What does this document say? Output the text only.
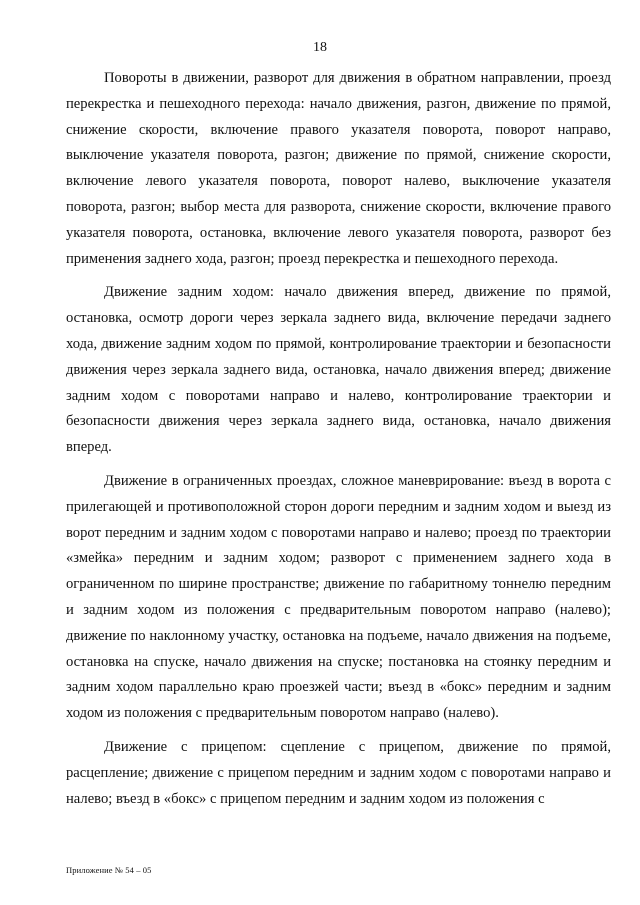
18

Повороты в движении, разворот для движения в обратном направлении, проезд перекрестка и пешеходного перехода: начало движения, разгон, движение по прямой, снижение скорости, включение правого указателя поворота, поворот направо, выключение указателя поворота, разгон; движение по прямой, снижение скорости, включение левого указателя поворота, поворот налево, выключение указателя поворота, разгон; выбор места для разворота, снижение скорости, включение правого указателя поворота, остановка, включение левого указателя поворота, разворот без применения заднего хода, разгон; проезд перекрестка и пешеходного перехода.

Движение задним ходом: начало движения вперед, движение по прямой, остановка, осмотр дороги через зеркала заднего вида, включение передачи заднего хода, движение задним ходом по прямой, контролирование траектории и безопасности движения через зеркала заднего вида, остановка, начало движения вперед; движение задним ходом с поворотами направо и налево, контролирование траектории и безопасности движения через зеркала заднего вида, остановка, начало движения вперед.

Движение в ограниченных проездах, сложное маневрирование: въезд в ворота с прилегающей и противоположной сторон дороги передним и задним ходом и выезд из ворот передним и задним ходом с поворотами направо и налево; проезд по траектории «змейка» передним и задним ходом; разворот с применением заднего хода в ограниченном по ширине пространстве; движение по габаритному тоннелю передним и задним ходом из положения с предварительным поворотом направо (налево); движение по наклонному участку, остановка на подъеме, начало движения на подъеме, остановка на спуске, начало движения на спуске; постановка на стоянку передним и задним ходом параллельно краю проезжей части; въезд в «бокс» передним и задним ходом из положения с предварительным поворотом направо (налево).

Движение с прицепом: сцепление с прицепом, движение по прямой, расцепление; движение с прицепом передним и задним ходом с поворотами направо и налево; въезд в «бокс» с прицепом передним и задним ходом из положения с

Приложение № 54 – 05
